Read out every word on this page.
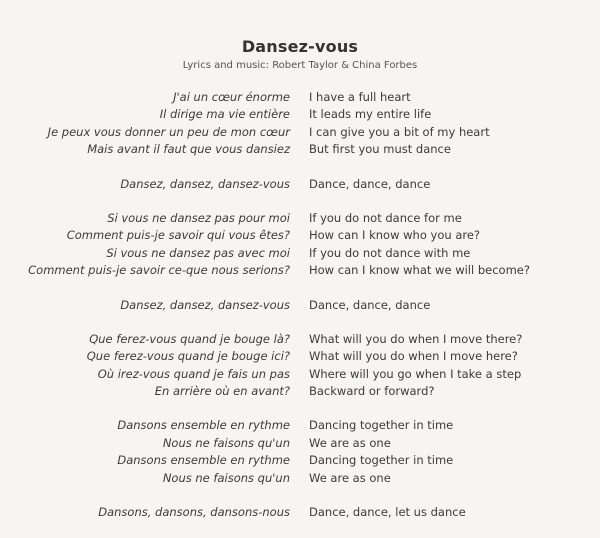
Dansez-vous
Lyrics and music: Robert Taylor & China Forbes
J'ai un cœur énorme I have a full heart
Il dirige ma vie entière It leads my entire life
Je peux vous donner un peu de mon cœur I can give you a bit of my heart
Mais avant il faut que vous dansiez But first you must dance
Dansez, dansez, dansez-vous Dance, dance, dance
Si vous ne dansez pas pour moi If you do not dance for me
Comment puis-je savoir qui vous êtes? How can I know who you are?
Si vous ne dansez pas avec moi If you do not dance with me
Comment puis-je savoir ce-que nous serions? How can I know what we will become?
Dansez, dansez, dansez-vous Dance, dance, dance
Que ferez-vous quand je bouge là? What will you do when I move there?
Que ferez-vous quand je bouge ici? What will you do when I move here?
Où irez-vous quand je fais un pas Where will you go when I take a step
En arrière où en avant? Backward or forward?
Dansons ensemble en rythme Dancing together in time
Nous ne faisons qu'un We are as one
Dansons ensemble en rythme Dancing together in time
Nous ne faisons qu'un We are as one
Dansons, dansons, dansons-nous Dance, dance, let us dance
